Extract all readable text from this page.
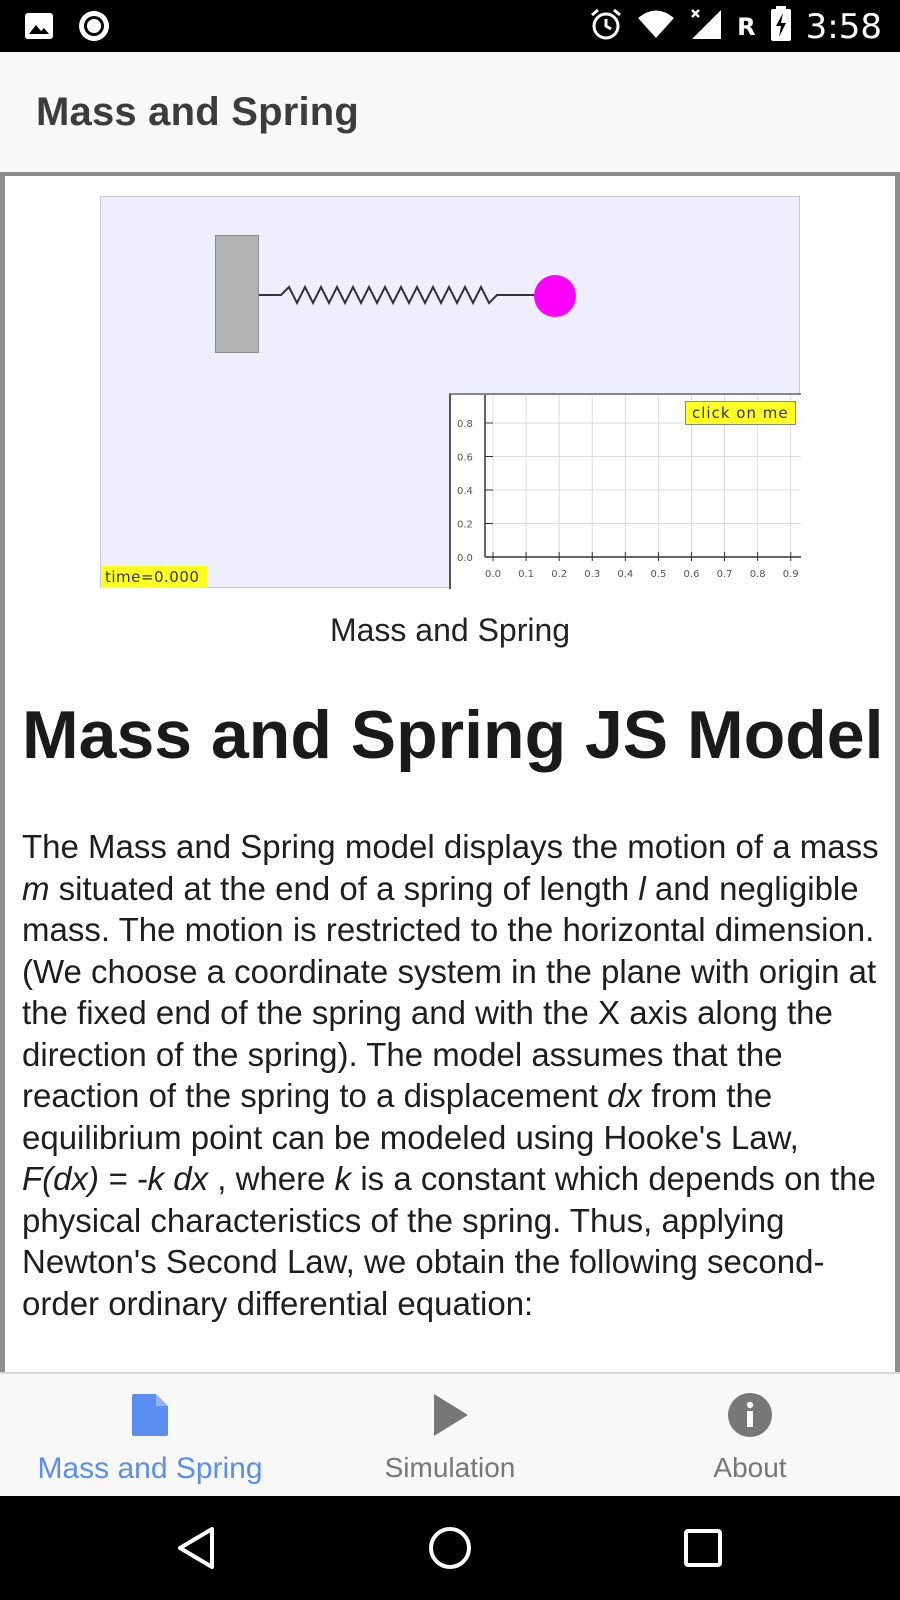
R 3:58
Mass and Spring
0.8
0.6
0.4
0.2
0.0
0.0 0.1 0.2 0.3 0.4 0.5 0.6 0.7 0.8 0.9
click on me
time=0.000
Mass and Spring
Mass and Spring JS Model

The Mass and Spring model displays the motion of a mass m situated at the end of a spring of length l and negligible mass. The motion is restricted to the horizontal dimension. (We choose a coordinate system in the plane with origin at the fixed end of the spring and with the X axis along the direction of the spring). The model assumes that the reaction of the spring to a displacement dx from the equilibrium point can be modeled using Hooke's Law, F(dx) = -k dx , where k is a constant which depends on the physical characteristics of the spring. Thus, applying Newton's Second Law, we obtain the following second-order ordinary differential equation:

Mass and Spring	Simulation	About
